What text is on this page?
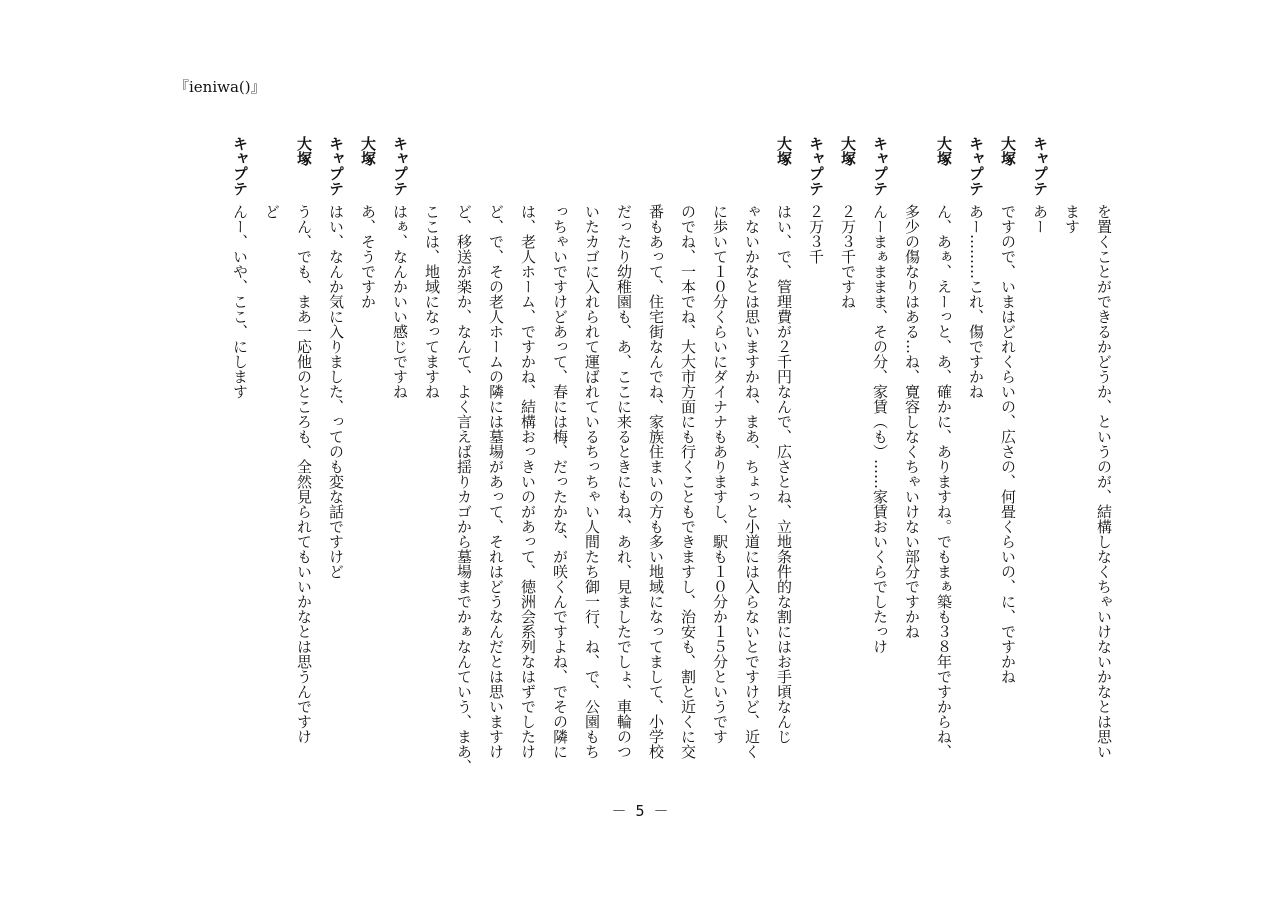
『ieniwa()』
を置くことができるかどうか、というのが、結構しなくちゃいけないかなとは思い
ます
キャプテ
あー
大塚
ですので、いまはどれくらいの、広さの、何畳くらいの、に、ですかね
キャプテ
あー………これ、傷ですかね
大塚
ん、あぁ、えーっと、あ、確かに、ありますね。でもまぁ築も３８年ですからね、
多少の傷なりはある…ね、寛容しなくちゃいけない部分ですかね
キャプテ
んーまぁままま、その分、家賃（も）……家賃おいくらでしたっけ
大塚
２万３千ですね
キャプテ
２万３千
大塚
はい、で、管理費が２千円なんで、広さとね、立地条件的な割にはお手頃なんじ
ゃないかなとは思いますかね、まあ、ちょっと小道には入らないとですけど、近く
に歩いて１０分くらいにダイナナもありますし、駅も１０分か１５分というです
のでね、一本でね、大大市方面にも行くこともできますし、治安も、割と近くに交
番もあって、住宅街なんでね、家族住まいの方も多い地域になってまして、小学校
だったり幼稚園も、あ、ここに来るときにもね、あれ、見ましたでしょ、車輪のつ
いたカゴに入れられて運ばれているちっちゃい人間たち御一行、ね、で、公園もち
っちゃいですけどあって、春には梅、だったかな、が咲くんですよね、でその隣に
は、老人ホーム、ですかね、結構おっきいのがあって、徳洲会系列なはずでしたけ
ど、で、その老人ホームの隣には墓場があって、それはどうなんだとは思いますけ
ど、移送が楽か、なんて、よく言えば揺りカゴから墓場までかぁなんていう、まあ、
ここは、地域になってますね
キャプテ
はぁ、なんかいい感じですね
大塚
あ、そうですか
キャプテ
はい、なんか気に入りました、ってのも変な話ですけど
大塚
うん、でも、まあ一応他のところも、全然見られてもいいかなとは思うんですけ
ど
キャプテ
んー、いや、ここ、にします
－ 5 －
